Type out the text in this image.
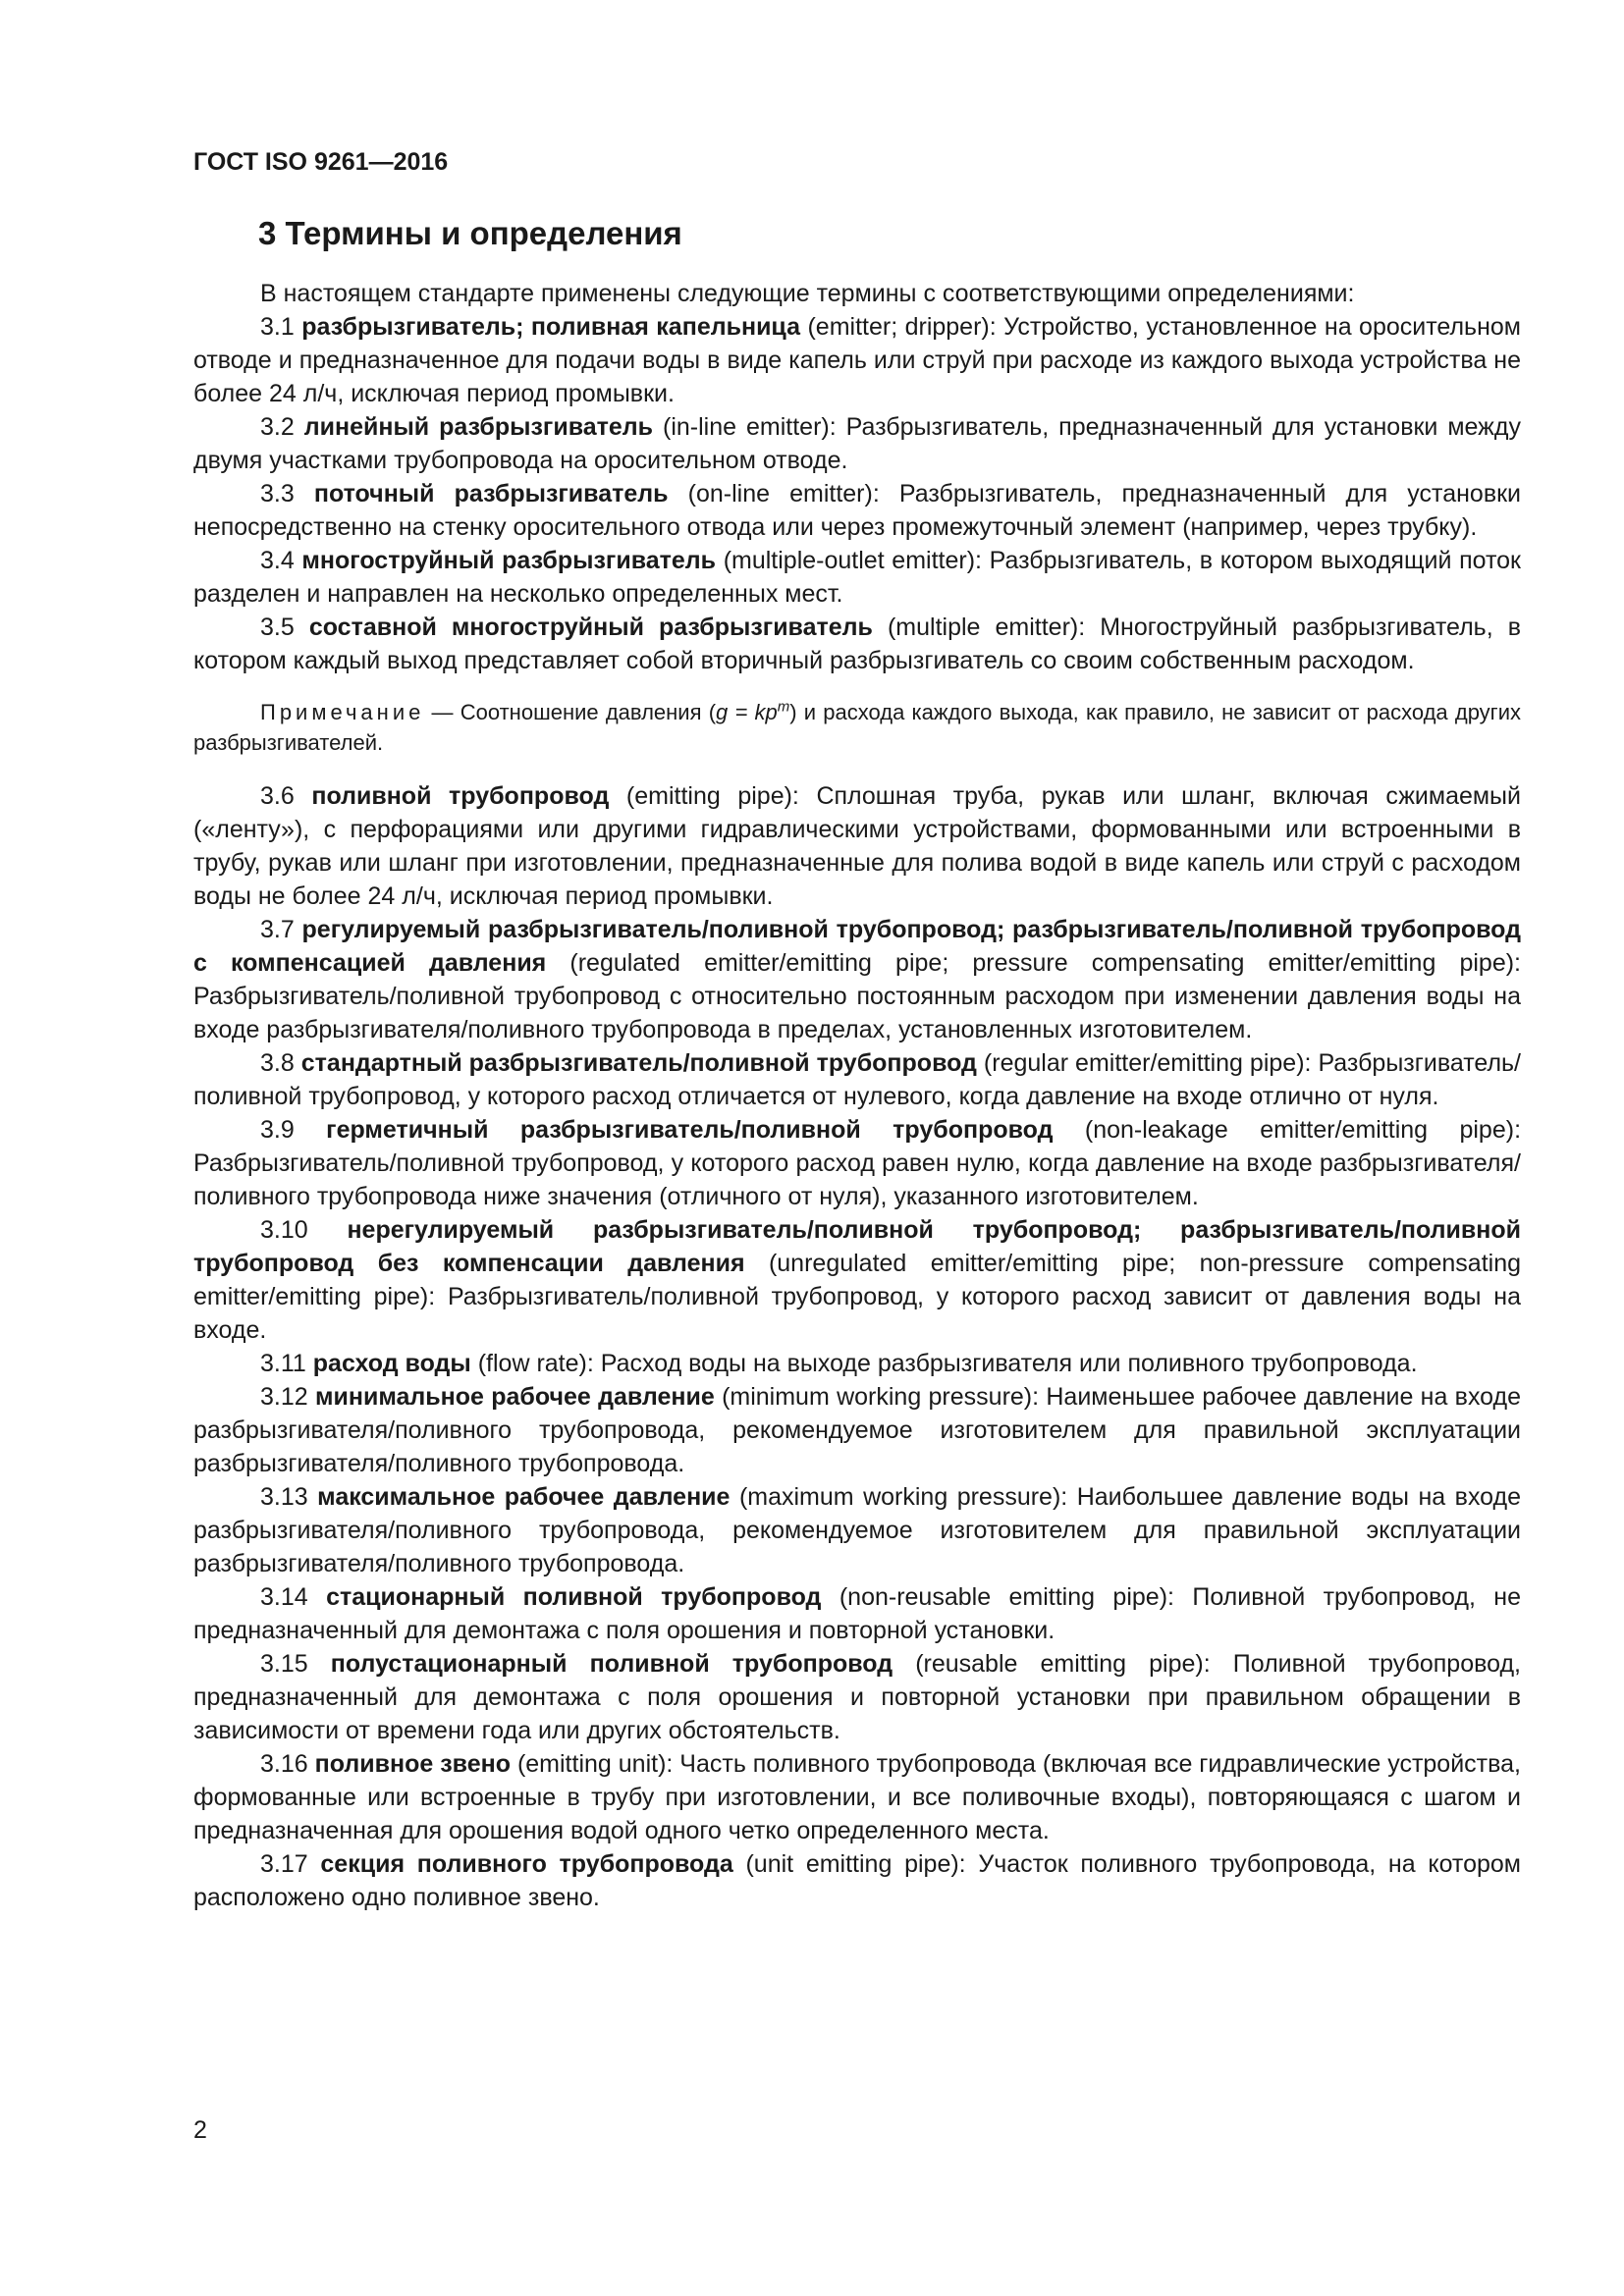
ГОСТ ISO 9261—2016
3 Термины и определения

В настоящем стандарте применены следующие термины с соответствующими определениями:

3.1 разбрызгиватель; поливная капельница (emitter; dripper): Устройство, установленное на оросительном отводе и предназначенное для подачи воды в виде капель или струй при расходе из каждого выхода устройства не более 24 л/ч, исключая период промывки.

3.2 линейный разбрызгиватель (in-line emitter): Разбрызгиватель, предназначенный для установки между двумя участками трубопровода на оросительном отводе.

3.3 поточный разбрызгиватель (on-line emitter): Разбрызгиватель, предназначенный для установки непосредственно на стенку оросительного отвода или через промежуточный элемент (например, через трубку).

3.4 многоструйный разбрызгиватель (multiple-outlet emitter): Разбрызгиватель, в котором выходящий поток разделен и направлен на несколько определенных мест.

3.5 составной многоструйный разбрызгиватель (multiple emitter): Многоструйный разбрызгиватель, в котором каждый выход представляет собой вторичный разбрызгиватель со своим собственным расходом.

Примечание — Соотношение давления $(g = kp^m)$ и расхода каждого выхода, как правило, не зависит от расхода других разбрызгивателей.

3.6 поливной трубопровод (emitting pipe): Сплошная труба, рукав или шланг, включая сжимаемый («ленту»), с перфорациями или другими гидравлическими устройствами, формованными или встроенными в трубу, рукав или шланг при изготовлении, предназначенные для полива водой в виде капель или струй с расходом воды не более 24 л/ч, исключая период промывки.

3.7 регулируемый разбрызгиватель/поливной трубопровод; разбрызгиватель/поливной трубопровод с компенсацией давления (regulated emitter/emitting pipe; pressure compensating emitter/emitting pipe): Разбрызгиватель/поливной трубопровод с относительно постоянным расходом при изменении давления воды на входе разбрызгивателя/поливного трубопровода в пределах, установленных изготовителем.

3.8 стандартный разбрызгиватель/поливной трубопровод (regular emitter/emitting pipe): Разбрызгиватель/поливной трубопровод, у которого расход отличается от нулевого, когда давление на входе отлично от нуля.

3.9 герметичный разбрызгиватель/поливной трубопровод (non-leakage emitter/emitting pipe): Разбрызгиватель/поливной трубопровод, у которого расход равен нулю, когда давление на входе разбрызгивателя/поливного трубопровода ниже значения (отличного от нуля), указанного изготовителем.

3.10 нерегулируемый разбрызгиватель/поливной трубопровод; разбрызгиватель/поливной трубопровод без компенсации давления (unregulated emitter/emitting pipe; non-pressure compensating emitter/emitting pipe): Разбрызгиватель/поливной трубопровод, у которого расход зависит от давления воды на входе.

3.11 расход воды (flow rate): Расход воды на выходе разбрызгивателя или поливного трубопровода.

3.12 минимальное рабочее давление (minimum working pressure): Наименьшее рабочее давление на входе разбрызгивателя/поливного трубопровода, рекомендуемое изготовителем для правильной эксплуатации разбрызгивателя/поливного трубопровода.

3.13 максимальное рабочее давление (maximum working pressure): Наибольшее давление воды на входе разбрызгивателя/поливного трубопровода, рекомендуемое изготовителем для правильной эксплуатации разбрызгивателя/поливного трубопровода.

3.14 стационарный поливной трубопровод (non-reusable emitting pipe): Поливной трубопровод, не предназначенный для демонтажа с поля орошения и повторной установки.

3.15 полустационарный поливной трубопровод (reusable emitting pipe): Поливной трубопровод, предназначенный для демонтажа с поля орошения и повторной установки при правильном обращении в зависимости от времени года или других обстоятельств.

3.16 поливное звено (emitting unit): Часть поливного трубопровода (включая все гидравлические устройства, формованные или встроенные в трубу при изготовлении, и все поливочные входы), повторяющаяся с шагом и предназначенная для орошения водой одного четко определенного места.

3.17 секция поливного трубопровода (unit emitting pipe): Участок поливного трубопровода, на котором расположено одно поливное звено.

2
